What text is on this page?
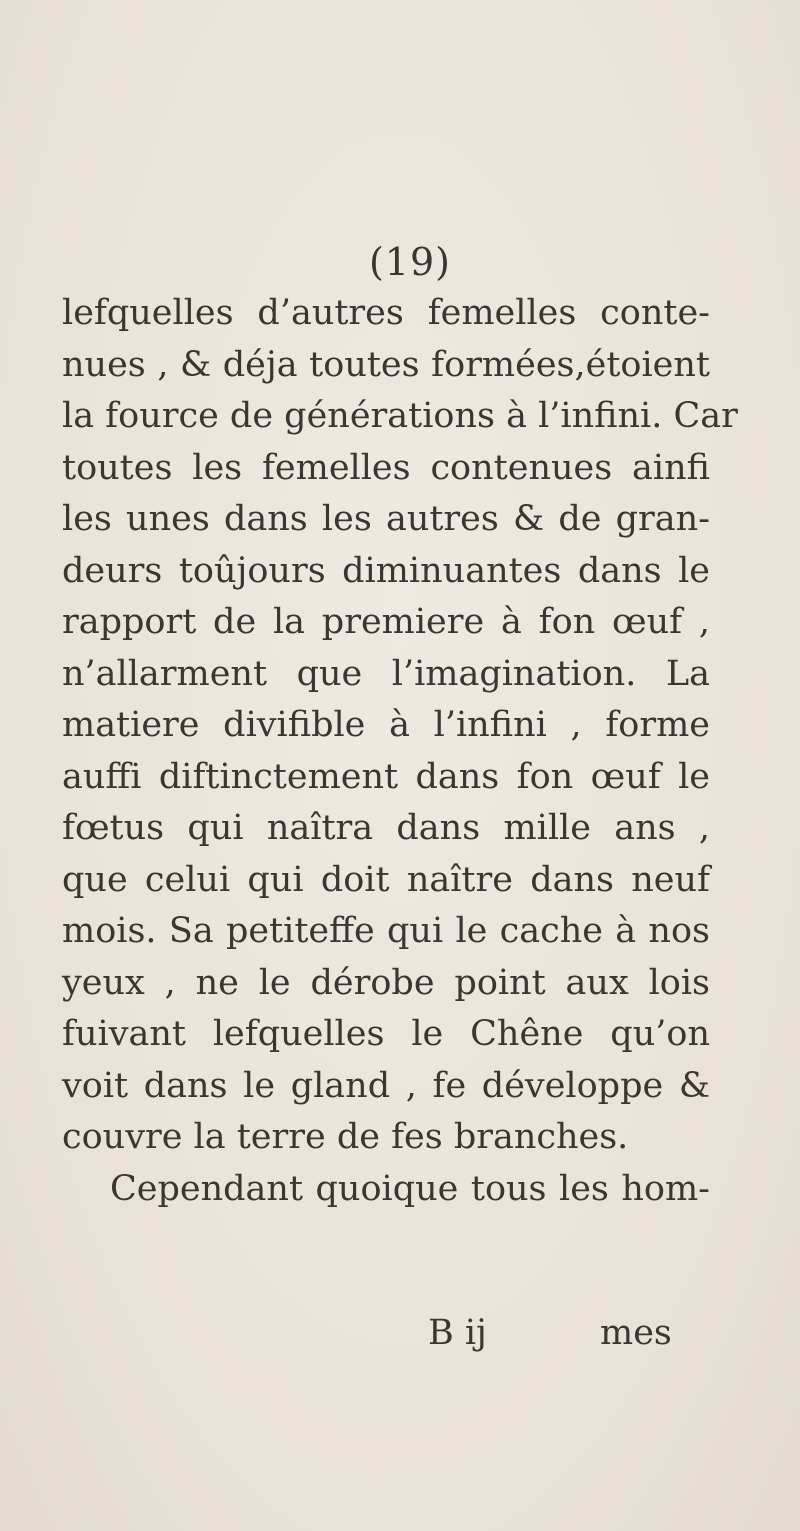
(19)
lefquelles d’autres femelles conte-
nues , & déja toutes formées,étoient
la fource de générations à l’infini. Car
toutes les femelles contenues ainfi
les unes dans les autres & de gran-
deurs toûjours diminuantes dans le
rapport de la premiere à fon œuf ,
n’allarment que l’imagination. La
matiere divifible à l’infini , forme
auffi diftinctement dans fon œuf le
fœtus qui naîtra dans mille ans ,
que celui qui doit naître dans neuf
mois. Sa petiteffe qui le cache à nos
yeux , ne le dérobe point aux lois
fuivant lefquelles le Chêne qu’on
voit dans le gland , fe développe &
couvre la terre de fes branches.
Cependant quoique tous les hom-
B ij	mes
